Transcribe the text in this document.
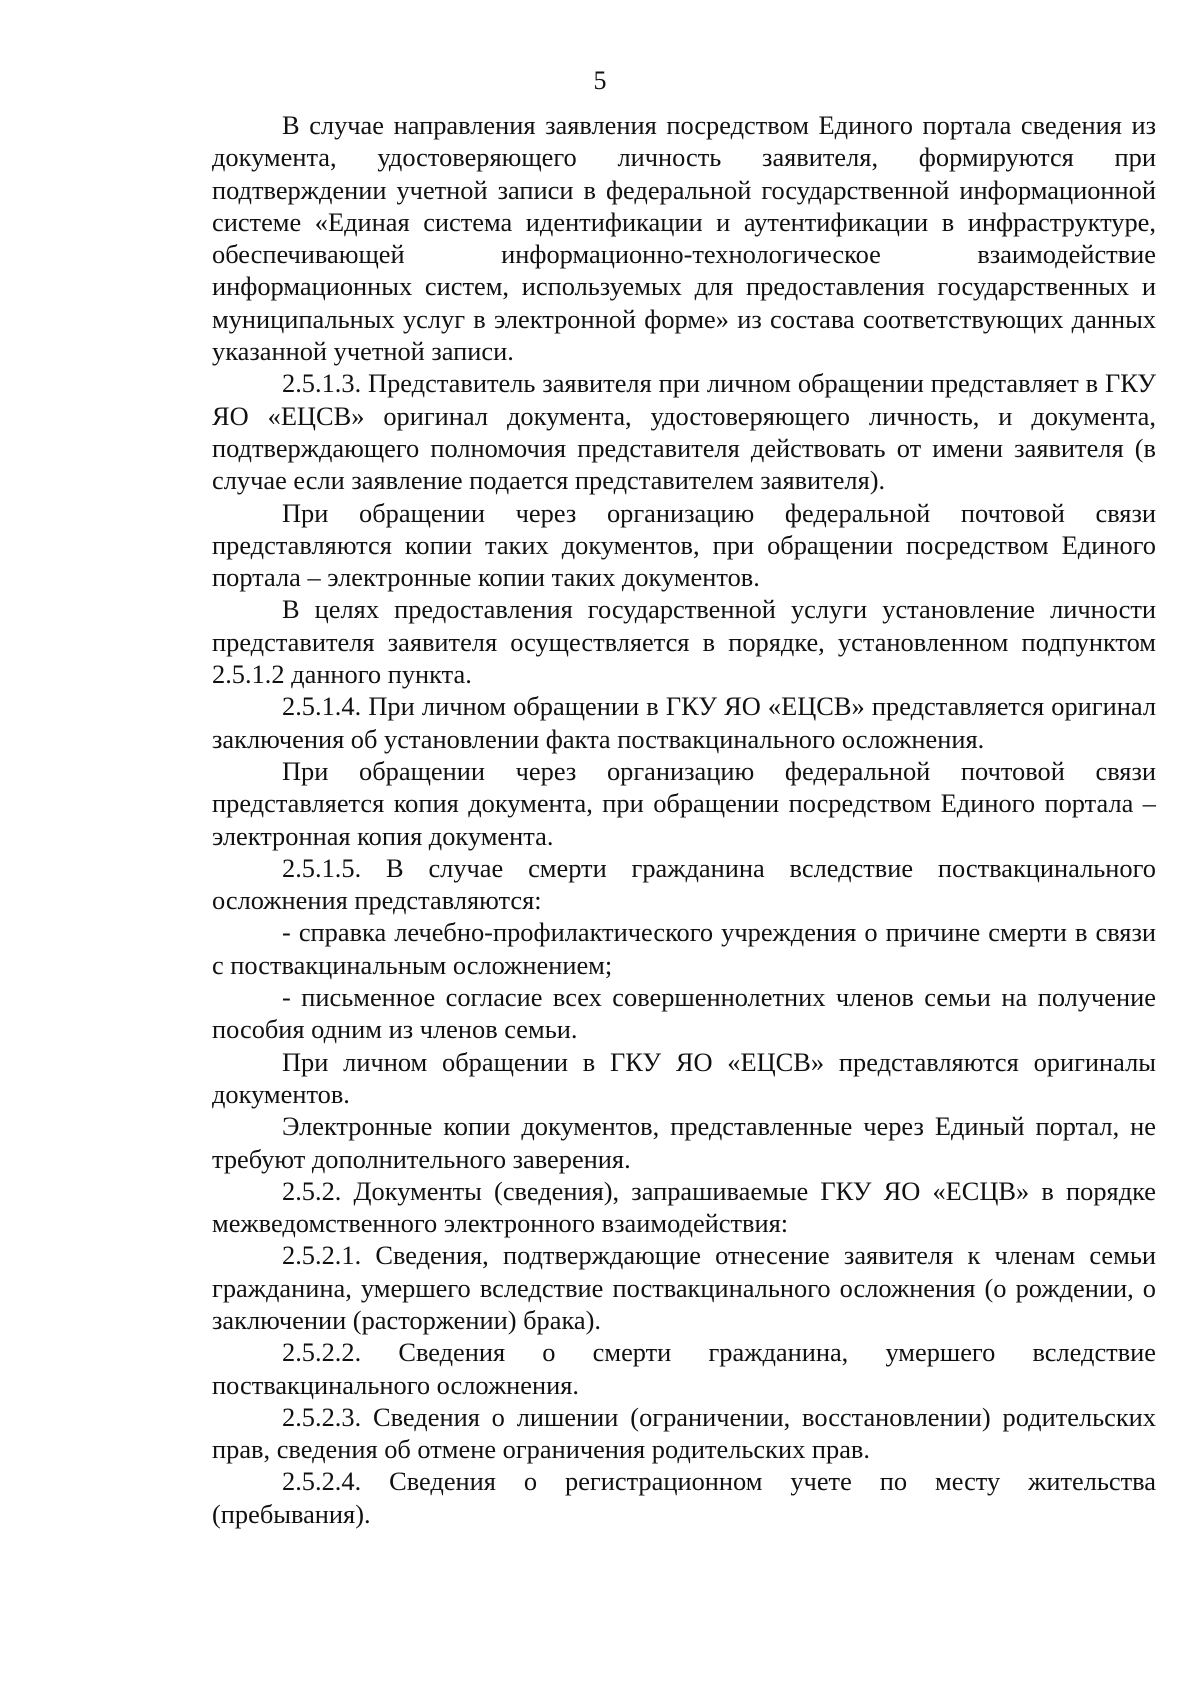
5

В случае направления заявления посредством Единого портала сведения из документа, удостоверяющего личность заявителя, формируются при подтверждении учетной записи в федеральной государственной информационной системе «Единая система идентификации и аутентификации в инфраструктуре, обеспечивающей информационно-технологическое взаимодействие информационных систем, используемых для предоставления государственных и муниципальных услуг в электронной форме» из состава соответствующих данных указанной учетной записи.

2.5.1.3. Представитель заявителя при личном обращении представляет в ГКУ ЯО «ЕЦСВ» оригинал документа, удостоверяющего личность, и документа, подтверждающего полномочия представителя действовать от имени заявителя (в случае если заявление подается представителем заявителя).

При обращении через организацию федеральной почтовой связи представляются копии таких документов, при обращении посредством Единого портала – электронные копии таких документов.

В целях предоставления государственной услуги установление личности представителя заявителя осуществляется в порядке, установленном подпунктом 2.5.1.2 данного пункта.

2.5.1.4. При личном обращении в ГКУ ЯО «ЕЦСВ» представляется оригинал заключения об установлении факта поствакцинального осложнения.

При обращении через организацию федеральной почтовой связи представляется копия документа, при обращении посредством Единого портала – электронная копия документа.

2.5.1.5. В случае смерти гражданина вследствие поствакцинального осложнения представляются:

- справка лечебно-профилактического учреждения о причине смерти в связи с поствакцинальным осложнением;

- письменное согласие всех совершеннолетних членов семьи на получение пособия одним из членов семьи.

При личном обращении в ГКУ ЯО «ЕЦСВ» представляются оригиналы документов.

Электронные копии документов, представленные через Единый портал, не требуют дополнительного заверения.

2.5.2. Документы (сведения), запрашиваемые ГКУ ЯО «ЕСЦВ» в порядке межведомственного электронного взаимодействия:

2.5.2.1. Сведения, подтверждающие отнесение заявителя к членам семьи гражданина, умершего вследствие поствакцинального осложнения (о рождении, о заключении (расторжении) брака).

2.5.2.2. Сведения о смерти гражданина, умершего вследствие поствакцинального осложнения.

2.5.2.3. Сведения о лишении (ограничении, восстановлении) родительских прав, сведения об отмене ограничения родительских прав.

2.5.2.4. Сведения о регистрационном учете по месту жительства (пребывания).
